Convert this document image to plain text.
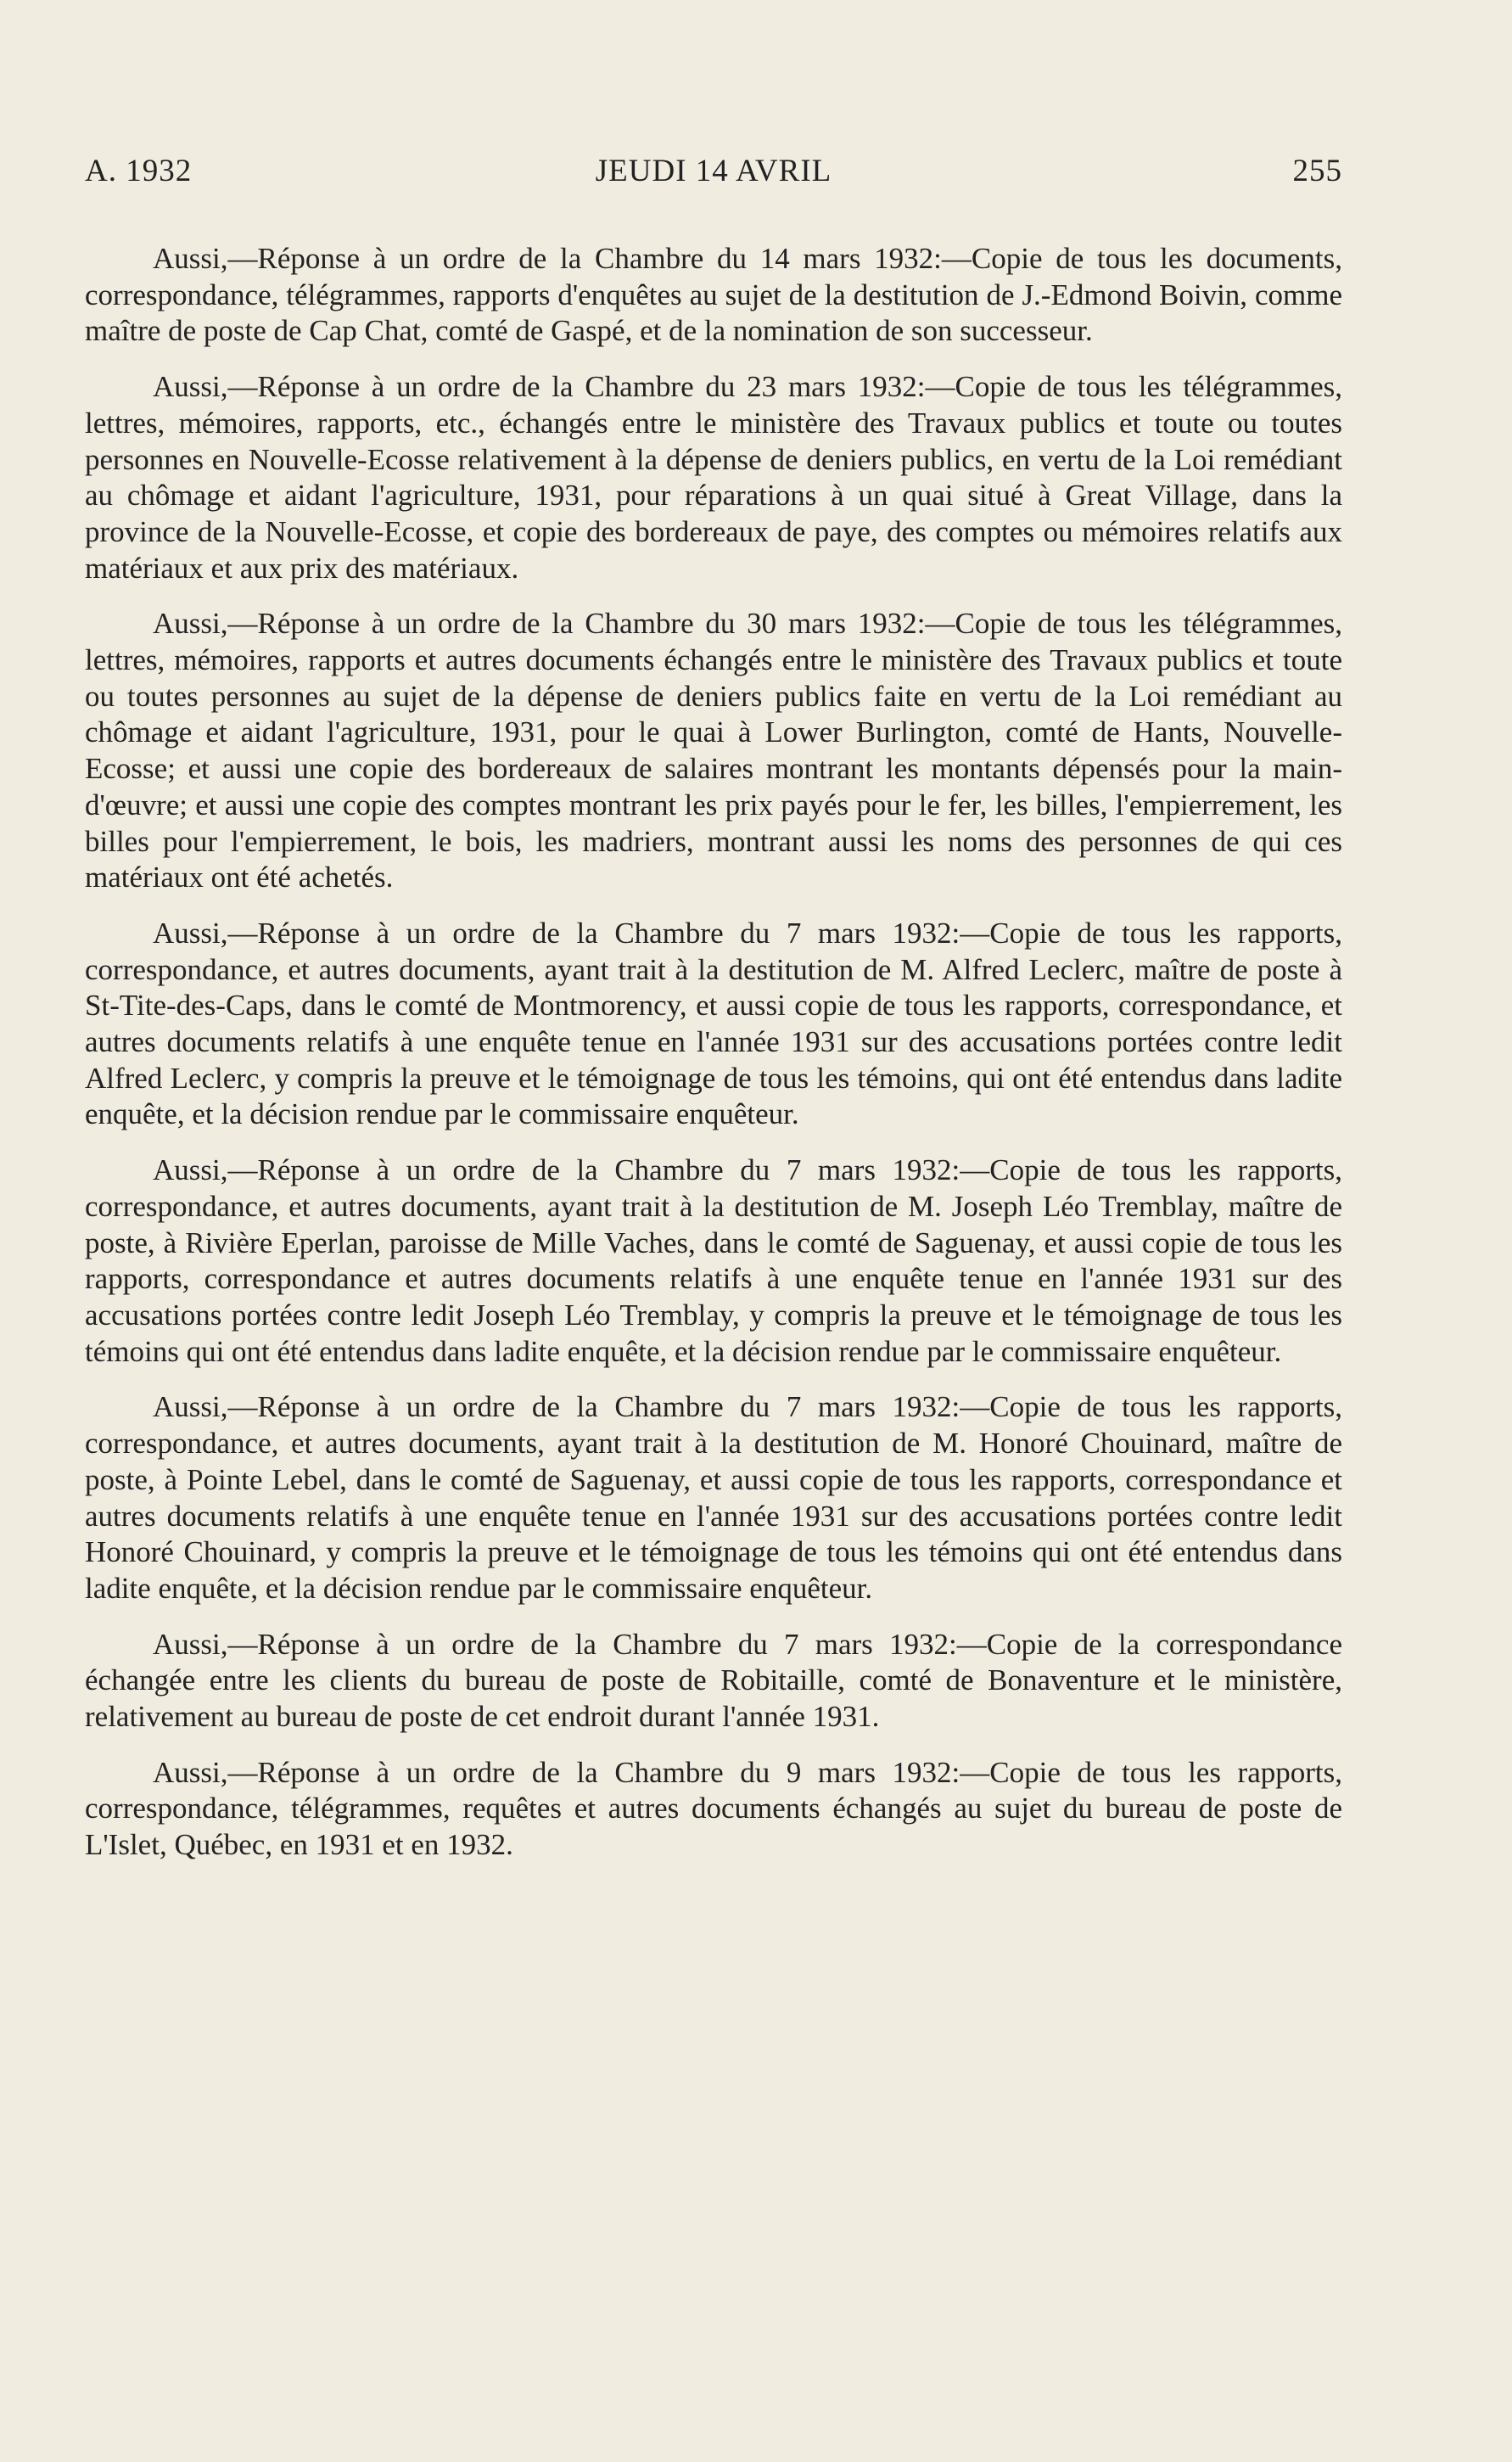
A. 1932	JEUDI 14 AVRIL	255

Aussi,—Réponse à un ordre de la Chambre du 14 mars 1932:—Copie de tous les documents, correspondance, télégrammes, rapports d'enquêtes au sujet de la destitution de J.-Edmond Boivin, comme maître de poste de Cap Chat, comté de Gaspé, et de la nomination de son successeur.

Aussi,—Réponse à un ordre de la Chambre du 23 mars 1932:—Copie de tous les télégrammes, lettres, mémoires, rapports, etc., échangés entre le ministère des Travaux publics et toute ou toutes personnes en Nouvelle-Ecosse relativement à la dépense de deniers publics, en vertu de la Loi remédiant au chômage et aidant l'agriculture, 1931, pour réparations à un quai situé à Great Village, dans la province de la Nouvelle-Ecosse, et copie des bordereaux de paye, des comptes ou mémoires relatifs aux matériaux et aux prix des matériaux.

Aussi,—Réponse à un ordre de la Chambre du 30 mars 1932:—Copie de tous les télégrammes, lettres, mémoires, rapports et autres documents échangés entre le ministère des Travaux publics et toute ou toutes personnes au sujet de la dépense de deniers publics faite en vertu de la Loi remédiant au chômage et aidant l'agriculture, 1931, pour le quai à Lower Burlington, comté de Hants, Nouvelle-Ecosse; et aussi une copie des bordereaux de salaires montrant les montants dépensés pour la main-d'œuvre; et aussi une copie des comptes montrant les prix payés pour le fer, les billes, l'empierrement, les billes pour l'empierrement, le bois, les madriers, montrant aussi les noms des personnes de qui ces matériaux ont été achetés.

Aussi,—Réponse à un ordre de la Chambre du 7 mars 1932:—Copie de tous les rapports, correspondance, et autres documents, ayant trait à la destitution de M. Alfred Leclerc, maître de poste à St-Tite-des-Caps, dans le comté de Montmorency, et aussi copie de tous les rapports, correspondance, et autres documents relatifs à une enquête tenue en l'année 1931 sur des accusations portées contre ledit Alfred Leclerc, y compris la preuve et le témoignage de tous les témoins, qui ont été entendus dans ladite enquête, et la décision rendue par le commissaire enquêteur.

Aussi,—Réponse à un ordre de la Chambre du 7 mars 1932:—Copie de tous les rapports, correspondance, et autres documents, ayant trait à la destitution de M. Joseph Léo Tremblay, maître de poste, à Rivière Eperlan, paroisse de Mille Vaches, dans le comté de Saguenay, et aussi copie de tous les rapports, correspondance et autres documents relatifs à une enquête tenue en l'année 1931 sur des accusations portées contre ledit Joseph Léo Tremblay, y compris la preuve et le témoignage de tous les témoins qui ont été entendus dans ladite enquête, et la décision rendue par le commissaire enquêteur.

Aussi,—Réponse à un ordre de la Chambre du 7 mars 1932:—Copie de tous les rapports, correspondance, et autres documents, ayant trait à la destitution de M. Honoré Chouinard, maître de poste, à Pointe Lebel, dans le comté de Saguenay, et aussi copie de tous les rapports, correspondance et autres documents relatifs à une enquête tenue en l'année 1931 sur des accusations portées contre ledit Honoré Chouinard, y compris la preuve et le témoignage de tous les témoins qui ont été entendus dans ladite enquête, et la décision rendue par le commissaire enquêteur.

Aussi,—Réponse à un ordre de la Chambre du 7 mars 1932:—Copie de la correspondance échangée entre les clients du bureau de poste de Robitaille, comté de Bonaventure et le ministère, relativement au bureau de poste de cet endroit durant l'année 1931.

Aussi,—Réponse à un ordre de la Chambre du 9 mars 1932:—Copie de tous les rapports, correspondance, télégrammes, requêtes et autres documents échangés au sujet du bureau de poste de L'Islet, Québec, en 1931 et en 1932.
